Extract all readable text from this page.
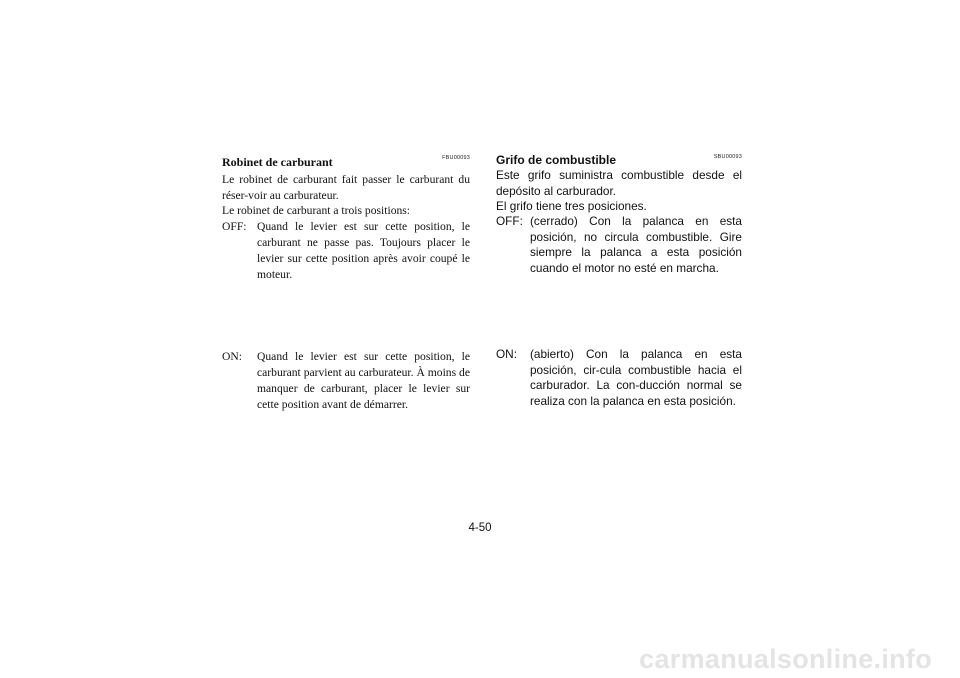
FBU00093
Robinet de carburant
Le robinet de carburant fait passer le carburant du réser-voir au carburateur.
Le robinet de carburant a trois positions:
OFF: Quand le levier est sur cette position, le carburant ne passe pas. Toujours placer le levier sur cette position après avoir coupé le moteur.
ON: Quand le levier est sur cette position, le carburant parvient au carburateur. À moins de manquer de carburant, placer le levier sur cette position avant de démarrer.
SBU00093
Grifo de combustible
Este grifo suministra combustible desde el depósito al carburador.
El grifo tiene tres posiciones.
OFF: (cerrado) Con la palanca en esta posición, no circula combustible. Gire siempre la palanca a esta posición cuando el motor no esté en marcha.
ON: (abierto) Con la palanca en esta posición, cir-cula combustible hacia el carburador. La con-ducción normal se realiza con la palanca en esta posición.
4-50
carmanualsonline.info
